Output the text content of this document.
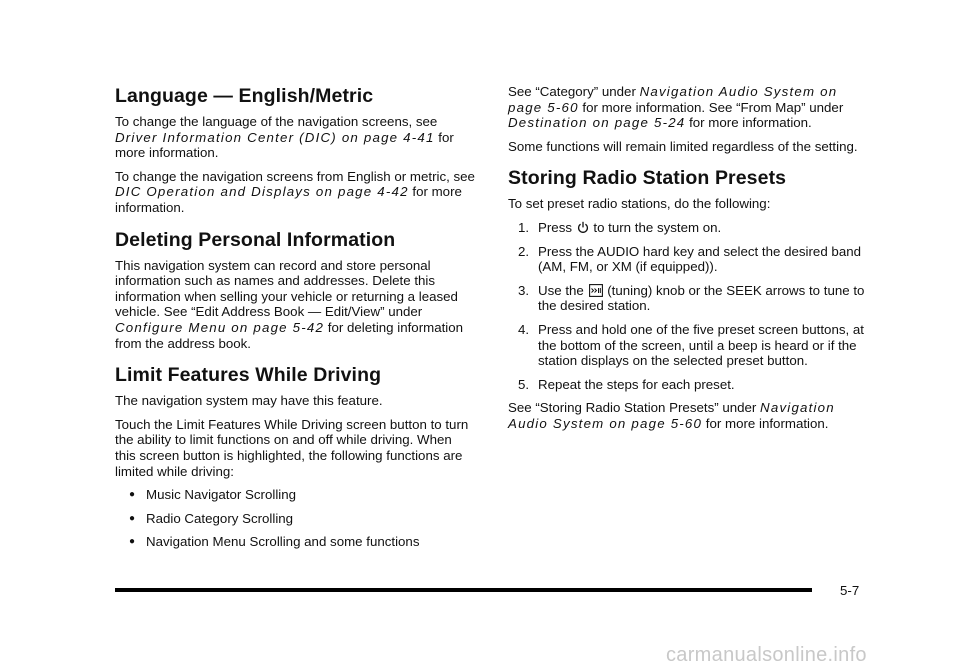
Language — English/Metric

To change the language of the navigation screens, see Driver Information Center (DIC) on page 4-41 for more information.

To change the navigation screens from English or metric, see DIC Operation and Displays on page 4-42 for more information.

Deleting Personal Information

This navigation system can record and store personal information such as names and addresses. Delete this information when selling your vehicle or returning a leased vehicle. See “Edit Address Book — Edit/View” under Configure Menu on page 5-42 for deleting information from the address book.

Limit Features While Driving

The navigation system may have this feature.

Touch the Limit Features While Driving screen button to turn the ability to limit functions on and off while driving. When this screen button is highlighted, the following functions are limited while driving:

● Music Navigator Scrolling
● Radio Category Scrolling
● Navigation Menu Scrolling and some functions

See “Category” under Navigation Audio System on page 5-60 for more information. See “From Map” under Destination on page 5-24 for more information.

Some functions will remain limited regardless of the setting.

Storing Radio Station Presets

To set preset radio stations, do the following:

1. Press  to turn the system on.
2. Press the AUDIO hard key and select the desired band (AM, FM, or XM (if equipped)).
3. Use the  (tuning) knob or the SEEK arrows to tune to the desired station.
4. Press and hold one of the five preset screen buttons, at the bottom of the screen, until a beep is heard or if the station displays on the selected preset button.
5. Repeat the steps for each preset.

See “Storing Radio Station Presets” under Navigation Audio System on page 5-60 for more information.

5-7
carmanualsonline.info
